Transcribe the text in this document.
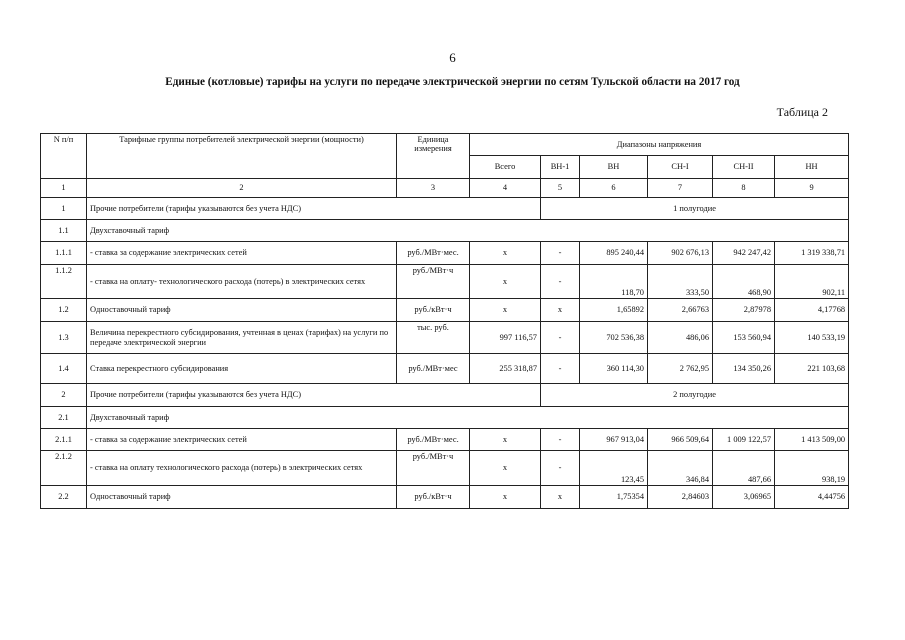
6
Единые (котловые) тарифы на услуги по передаче электрической энергии по сетям Тульской области на 2017 год
Таблица 2
N п/п	Тарифные группы потребителей электрической энергии (мощности)	Единица измерения	Диапазоны напряжения					
			Всего	ВН-1	ВН	СН-I	СН-II	НН
1	2	3	4	5	6	7	8	9
1	Прочие потребители (тарифы указываются без учета НДС)			1 полугодие				
1.1	Двухставочный тариф							
1.1.1	- ставка за содержание электрических сетей	руб./МВт·мес.	x	-	895 240,44	902 676,13	942 247,42	1 319 338,71
1.1.2	- ставка на оплату- технологического расхода (потерь) в электрических сетях	руб./МВт·ч	x	-	118,70	333,50	468,90	902,11
1.2	Одноставочный тариф	руб./кВт·ч	x	x	1,65892	2,66763	2,87978	4,17768
1.3	Величина перекрестного субсидирования, учтенная в ценах (тарифах) на услуги по передаче электрической энергии	тыс. руб.	997 116,57	-	702 536,38	486,06	153 560,94	140 533,19
1.4	Ставка перекрестного субсидирования	руб./МВт·мес	255 318,87	-	360 114,30	2 762,95	134 350,26	221 103,68
2	Прочие потребители (тарифы указываются без учета НДС)			2 полугодие				
2.1	Двухставочный тариф							
2.1.1	- ставка за содержание электрических сетей	руб./МВт·мес.	x	-	967 913,04	966 509,64	1 009 122,57	1 413 509,00
2.1.2	- ставка на оплату технологического расхода (потерь) в электрических сетях	руб./МВт·ч	x	-	123,45	346,84	487,66	938,19
2.2	Одноставочный тариф	руб./кВт·ч	x	x	1,75354	2,84603	3,06965	4,44756
